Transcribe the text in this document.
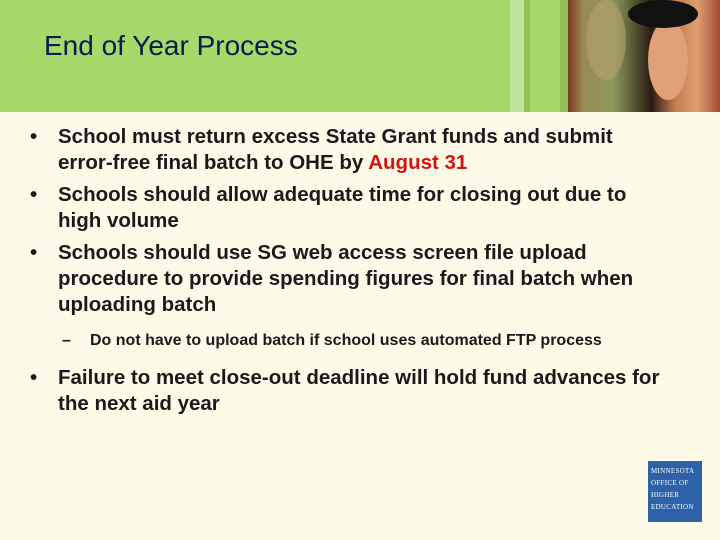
End of Year Process
•	School must return excess State Grant funds and submit error-free final batch to OHE by August 31
•	Schools should allow adequate time for closing out due to high volume
•	Schools should use SG web access screen file upload procedure to provide spending figures for final batch when uploading batch
–	Do not have to upload batch if school uses automated FTP process
•	Failure to meet close-out deadline will hold fund advances for the next aid year
MINNESOTA
OFFICE OF
HIGHER
EDUCATION
